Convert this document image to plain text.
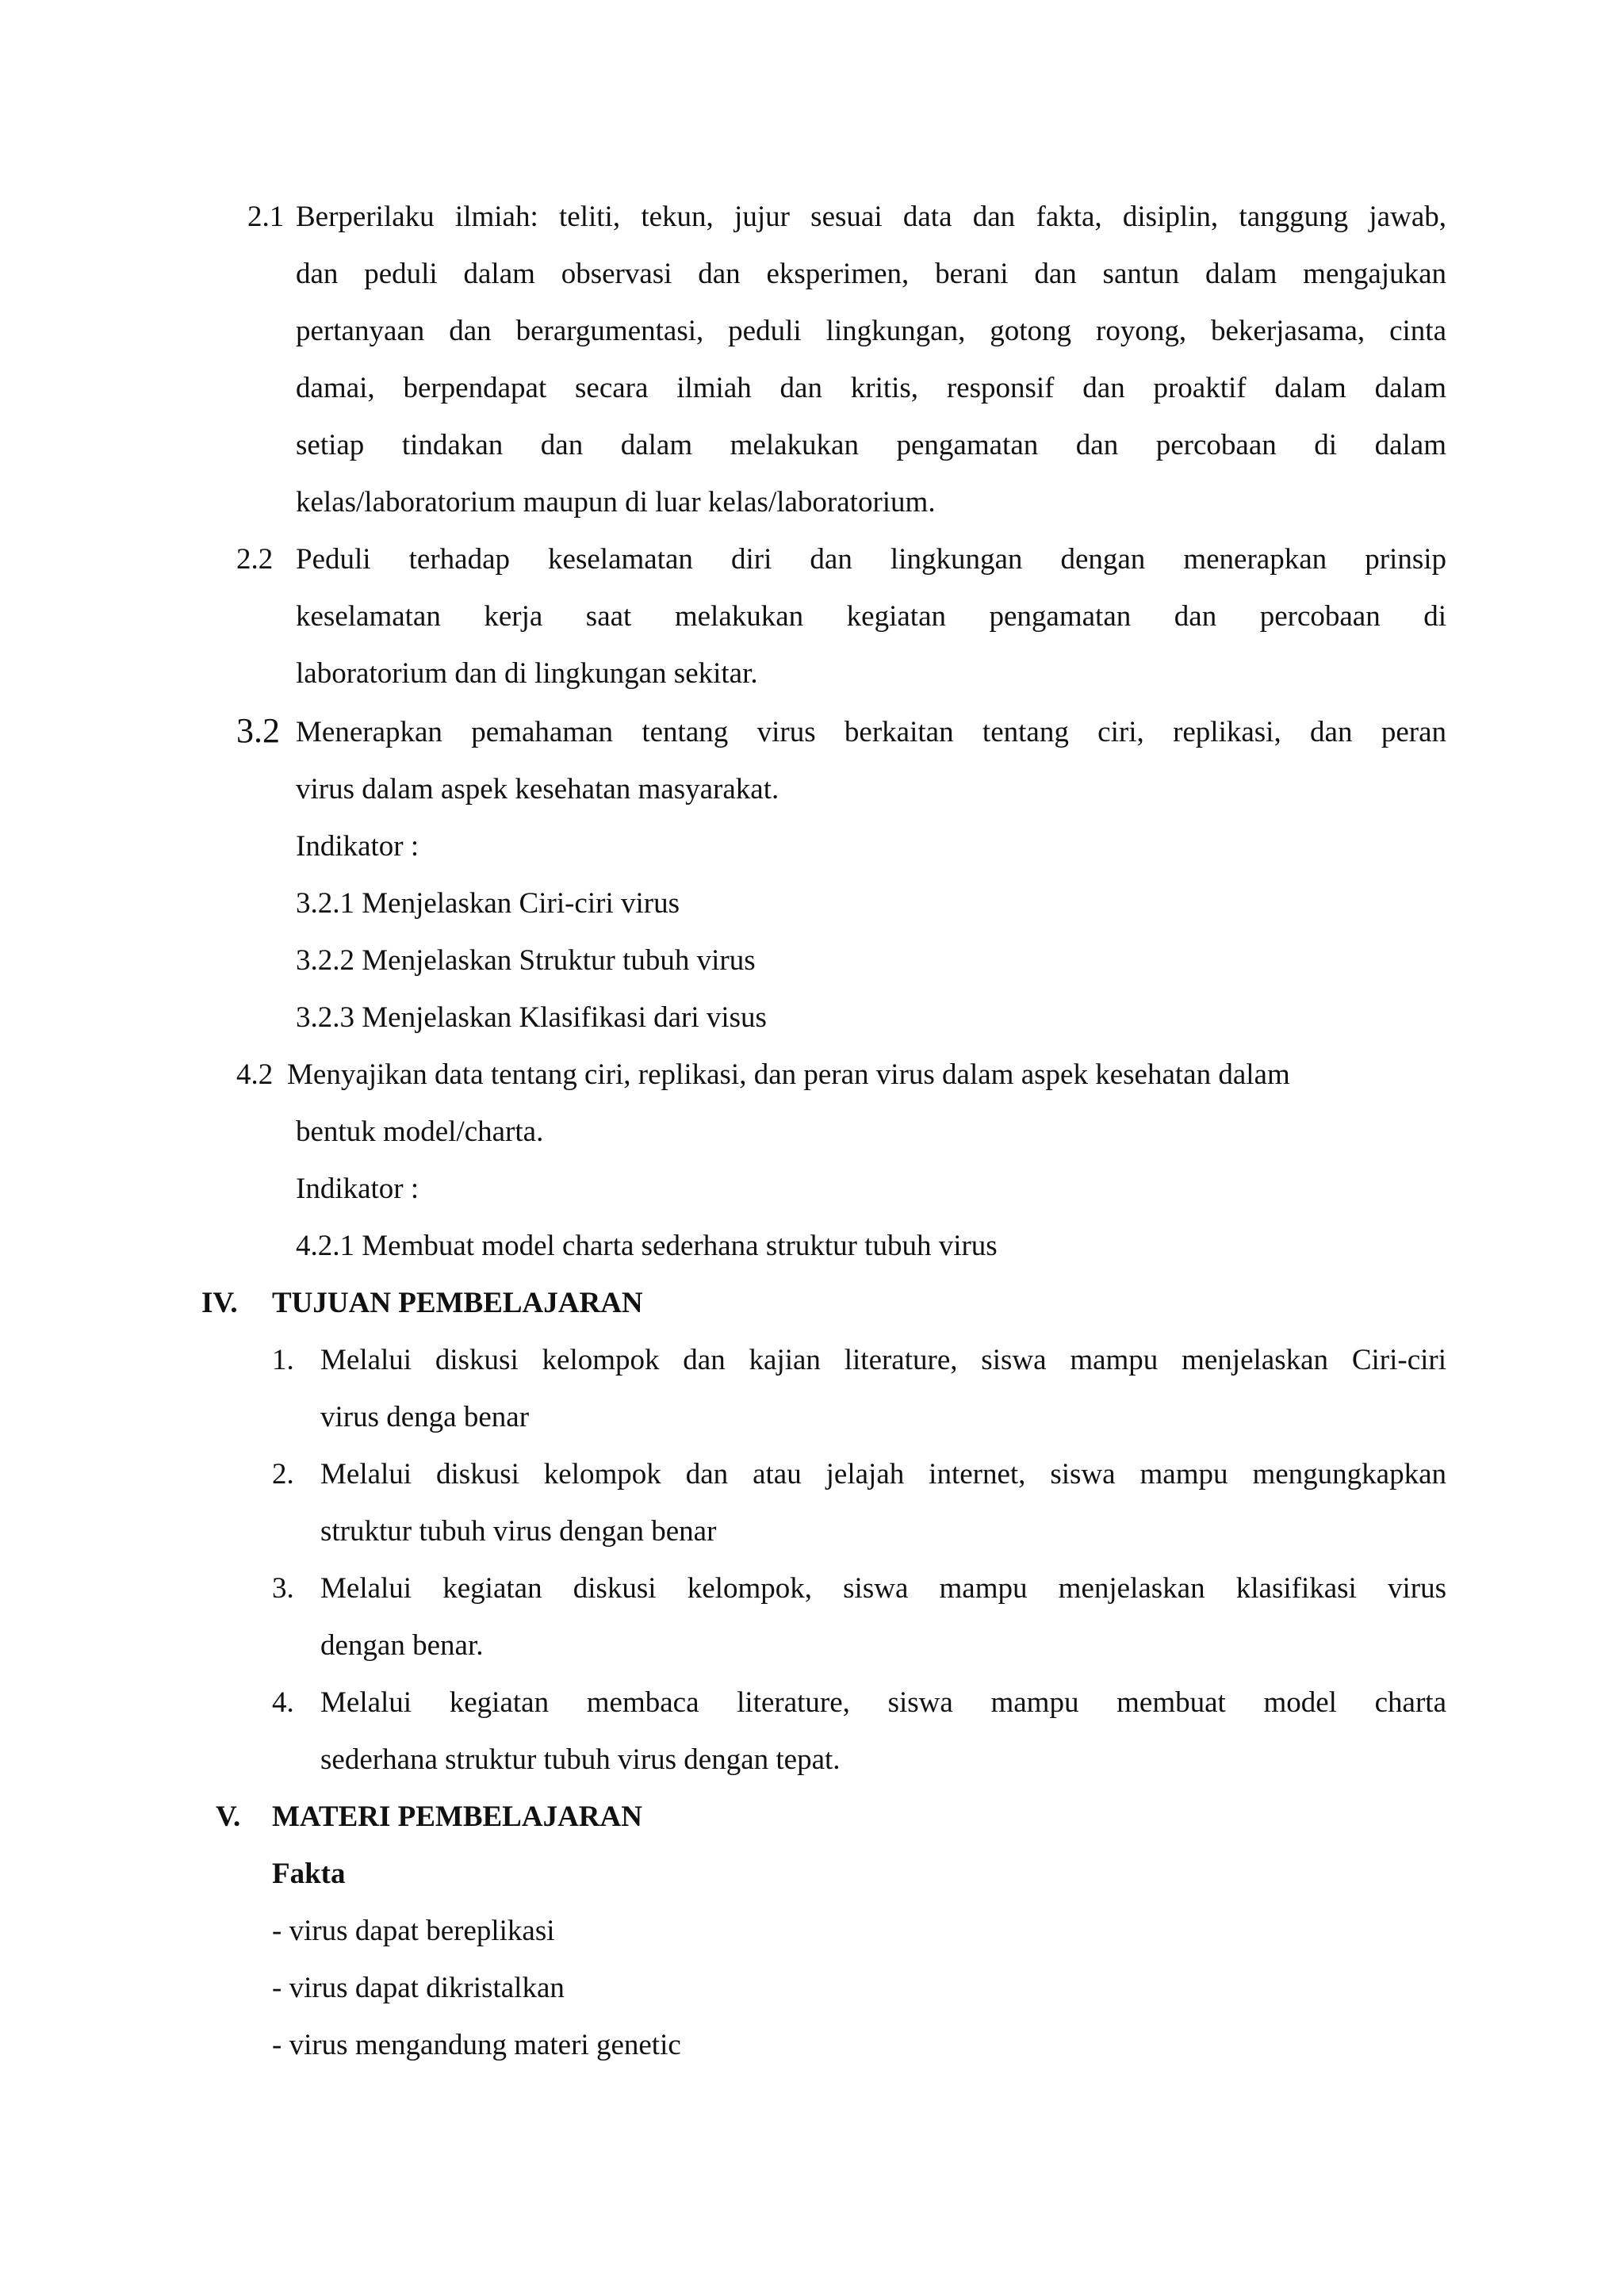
2.1 Berperilaku ilmiah: teliti, tekun, jujur sesuai data dan fakta, disiplin, tanggung jawab,
dan peduli dalam observasi dan eksperimen, berani dan santun dalam mengajukan
pertanyaan dan berargumentasi, peduli lingkungan, gotong royong, bekerjasama, cinta
damai, berpendapat secara ilmiah dan kritis, responsif dan proaktif dalam dalam
setiap tindakan dan dalam melakukan pengamatan dan percobaan di dalam
kelas/laboratorium maupun di luar kelas/laboratorium.
2.2 Peduli terhadap keselamatan diri dan lingkungan dengan menerapkan prinsip
keselamatan kerja saat melakukan kegiatan pengamatan dan percobaan di
laboratorium dan di lingkungan sekitar.
3.2 Menerapkan pemahaman tentang virus berkaitan tentang ciri, replikasi, dan peran
virus dalam aspek kesehatan masyarakat.
Indikator :
3.2.1 Menjelaskan Ciri-ciri virus
3.2.2 Menjelaskan Struktur tubuh virus
3.2.3 Menjelaskan Klasifikasi dari visus
4.2 Menyajikan data tentang ciri, replikasi, dan peran virus dalam aspek kesehatan dalam
bentuk model/charta.
Indikator :
4.2.1 Membuat model charta sederhana struktur tubuh virus
IV. TUJUAN PEMBELAJARAN
1. Melalui diskusi kelompok dan kajian literature, siswa mampu menjelaskan Ciri-ciri
virus denga benar
2. Melalui diskusi kelompok dan atau jelajah internet, siswa mampu mengungkapkan
struktur tubuh virus dengan benar
3. Melalui kegiatan diskusi kelompok, siswa mampu menjelaskan klasifikasi virus
dengan benar.
4. Melalui kegiatan membaca literature, siswa mampu membuat model charta
sederhana struktur tubuh virus dengan tepat.
V. MATERI PEMBELAJARAN
Fakta
- virus dapat bereplikasi
- virus dapat dikristalkan
- virus mengandung materi genetic
